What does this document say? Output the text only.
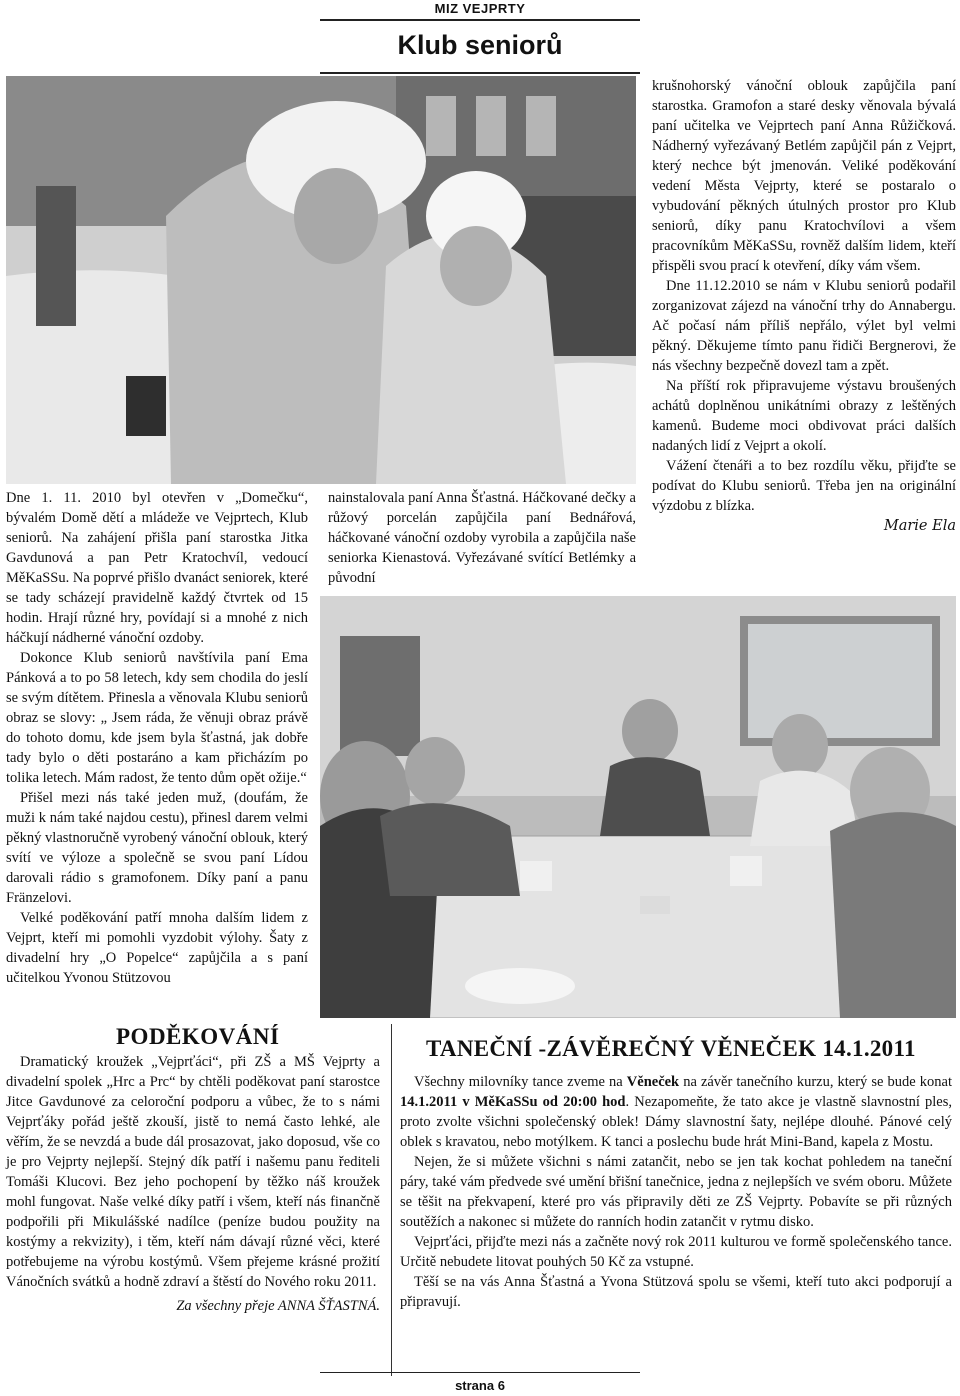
MIZ VEJPRTY
Klub seniorů

Dne 1. 11. 2010 byl otevřen v „Domečku“, bývalém Domě dětí a mládeže ve Vejprtech, Klub seniorů. Na zahájení přišla paní starostka Jitka Gavdunová a pan Petr Kratochvíl, vedoucí MěKaSSu. Na poprvé přišlo dvanáct seniorek, které se tady scházejí pravidelně každý čtvrtek od 15 hodin. Hrají různé hry, povídají si a mnohé z nich háčkují nádherné vánoční ozdoby.

Dokonce Klub seniorů navštívila paní Ema Pánková a to po 58 letech, kdy sem chodila do jeslí se svým dítětem. Přinesla a věnovala Klubu seniorů obraz se slovy: „ Jsem ráda, že věnuji obraz právě do tohoto domu, kde jsem byla šťastná, jak dobře tady bylo o děti postaráno a kam přicházím po tolika letech. Mám radost, že tento dům opět ožije.“

Přišel mezi nás také jeden muž, (doufám, že muži k nám také najdou cestu), přinesl darem velmi pěkný vlastnoručně vyrobený vánoční oblouk, který svítí ve výloze a společně se svou paní Lídou darovali rádio s gramofonem. Díky paní a panu Fränzelovi.

Velké poděkování patří mnoha dalším lidem z Vejprt, kteří mi pomohli vyzdobit výlohy. Šaty z divadelní hry „O Popelce“ zapůjčila a s paní učitelkou Yvonou Stützovou

nainstalovala paní Anna Šťastná. Háčkované dečky a růžový porcelán zapůjčila paní Bednářová, háčkované vánoční ozdoby vyrobila a zapůjčila naše seniorka Kienastová. Vyřezávané svítící Betlémky a původní

krušnohorský vánoční oblouk zapůjčila paní starostka. Gramofon a staré desky věnovala bývalá paní učitelka ve Vejprtech paní Anna Růžičková. Nádherný vyřezávaný Betlém zapůjčil pán z Vejprt, který nechce být jmenován. Veliké poděkování vedení Města Vejprty, které se postaralo o vybudování pěkných útulných prostor pro Klub seniorů, díky panu Kratochvílovi a všem pracovníkům MěKaSSu, rovněž dalším lidem, kteří přispěli svou prací k otevření, díky vám všem.

Dne 11.12.2010 se nám v Klubu seniorů podařil zorganizovat zájezd na vánoční trhy do Annabergu. Ač počasí nám příliš nepřálo, výlet byl velmi pěkný. Děkujeme tímto panu řidiči Bergnerovi, že nás všechny bezpečně dovezl tam a zpět.

Na příští rok připravujeme výstavu broušených achátů doplněnou unikátními obrazy z leštěných kamenů. Budeme moci obdivovat práci dalších nadaných lidí z Vejprt a okolí.

Vážení čtenáři a to bez rozdílu věku, přijďte se podívat do Klubu seniorů. Třeba jen na originální výzdobu z blízka.

Marie Ela

PODĚKOVÁNÍ

Dramatický kroužek „Vejprťáci“, při ZŠ a MŠ Vejprty a divadelní spolek „Hrc a Prc“ by chtěli poděkovat paní starostce Jitce Gavdunové za celoroční podporu a vůbec, že to s námi Vejprťáky pořád ještě zkouší, jistě to nemá často lehké, ale věřím, že se nevzdá a bude dál prosazovat, jako doposud, vše co je pro Vejprty nejlepší. Stejný dík patří i našemu panu řediteli Tomáši Klucovi. Bez jeho pochopení by těžko náš kroužek mohl fungovat. Naše velké díky patří i všem, kteří nás finančně podpořili při Mikulášské nadílce (peníze budou použity na kostýmy a rekvizity), i těm, kteří nám dávají různé věci, které potřebujeme na výrobu kostýmů. Všem přejeme krásné prožití Vánočních svátků a hodně zdraví a štěstí do Nového roku 2011.

Za všechny přeje ANNA ŠŤASTNÁ.

TANEČNÍ -ZÁVĚREČNÝ VĚNEČEK 14.1.2011

Všechny milovníky tance zveme na Věneček na závěr tanečního kurzu, který se bude konat 14.1.2011 v MěKaSSu od 20:00 hod. Nezapomeňte, že tato akce je vlastně slavnostní ples, proto zvolte všichni společenský oblek! Dámy slavnostní šaty, nejlépe dlouhé. Pánové celý oblek s kravatou, nebo motýlkem. K tanci a poslechu bude hrát Mini-Band, kapela z Mostu.

Nejen, že si můžete všichni s námi zatančit, nebo se jen tak kochat pohledem na taneční páry, také vám předvede své umění břišní tanečnice, jedna z nejlepších ve svém oboru. Můžete se těšit na překvapení, které pro vás připravily děti ze ZŠ Vejprty. Pobavíte se při různých soutěžích a nakonec si můžete do ranních hodin zatančit v rytmu disko.

Vejprťáci, přijďte mezi nás a začněte nový rok 2011 kulturou ve formě společenského tance. Určitě nebudete litovat pouhých 50 Kč za vstupné.

Těší se na vás Anna Šťastná a Yvona Stützová spolu se všemi, kteří tuto akci podporují a připravují.

strana 6
